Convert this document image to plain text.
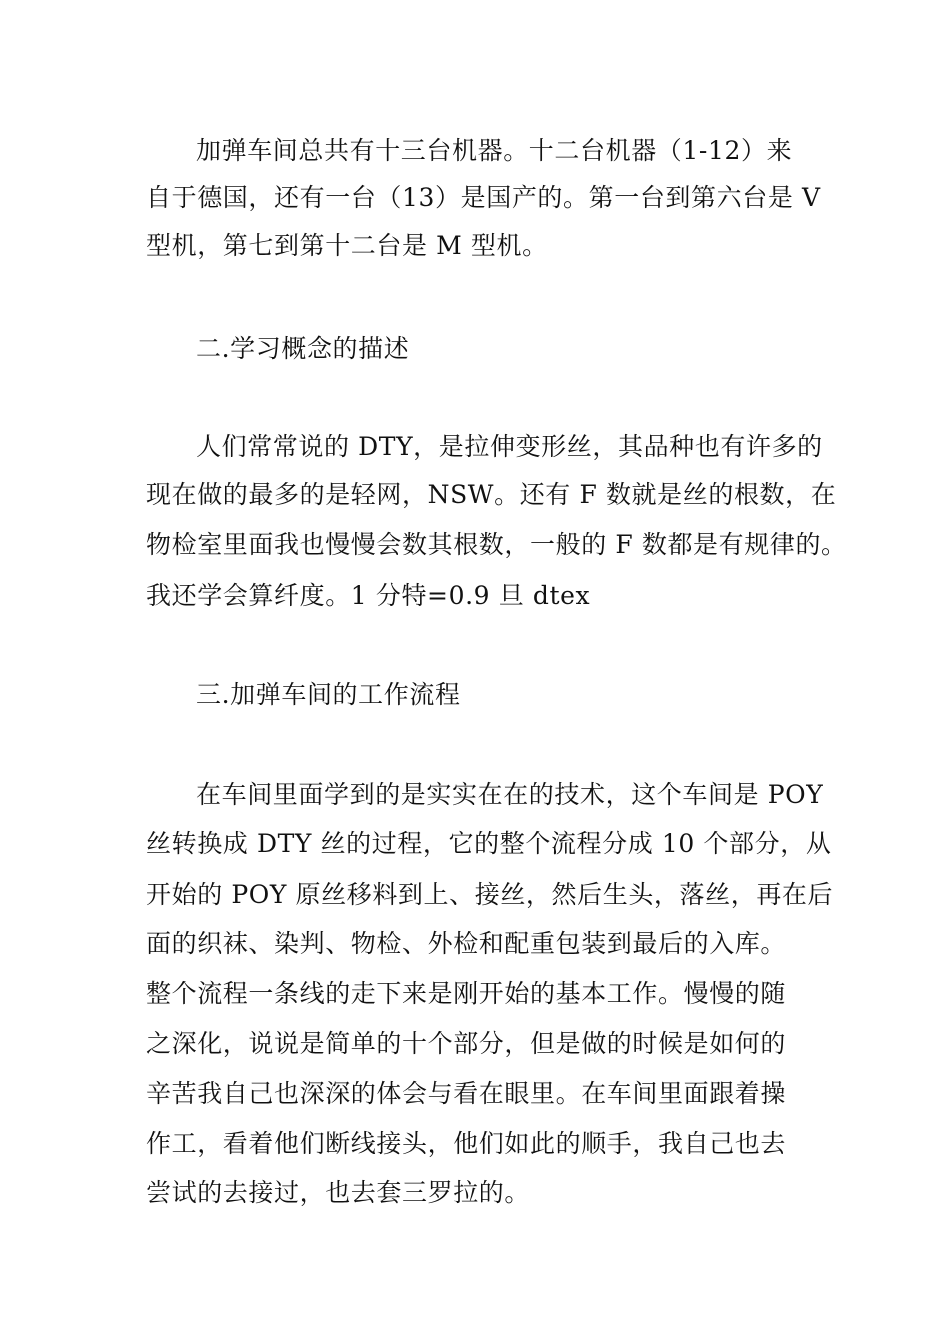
加弹车间总共有十三台机器。十二台机器（1-12）来
自于德国，还有一台（13）是国产的。第一台到第六台是 V
型机，第七到第十二台是 M 型机。
二.学习概念的描述
人们常常说的 DTY，是拉伸变形丝，其品种也有许多的
现在做的最多的是轻网，NSW。还有 F 数就是丝的根数，在
物检室里面我也慢慢会数其根数，一般的 F 数都是有规律的。
我还学会算纤度。1 分特=0.9 旦 dtex
三.加弹车间的工作流程
在车间里面学到的是实实在在的技术，这个车间是 POY
丝转换成 DTY 丝的过程，它的整个流程分成 10 个部分，从
开始的 POY 原丝移料到上、接丝，然后生头，落丝，再在后
面的织袜、染判、物检、外检和配重包装到最后的入库。
整个流程一条线的走下来是刚开始的基本工作。慢慢的随
之深化，说说是简单的十个部分，但是做的时候是如何的
辛苦我自己也深深的体会与看在眼里。在车间里面跟着操
作工，看着他们断线接头，他们如此的顺手，我自己也去
尝试的去接过，也去套三罗拉的。
